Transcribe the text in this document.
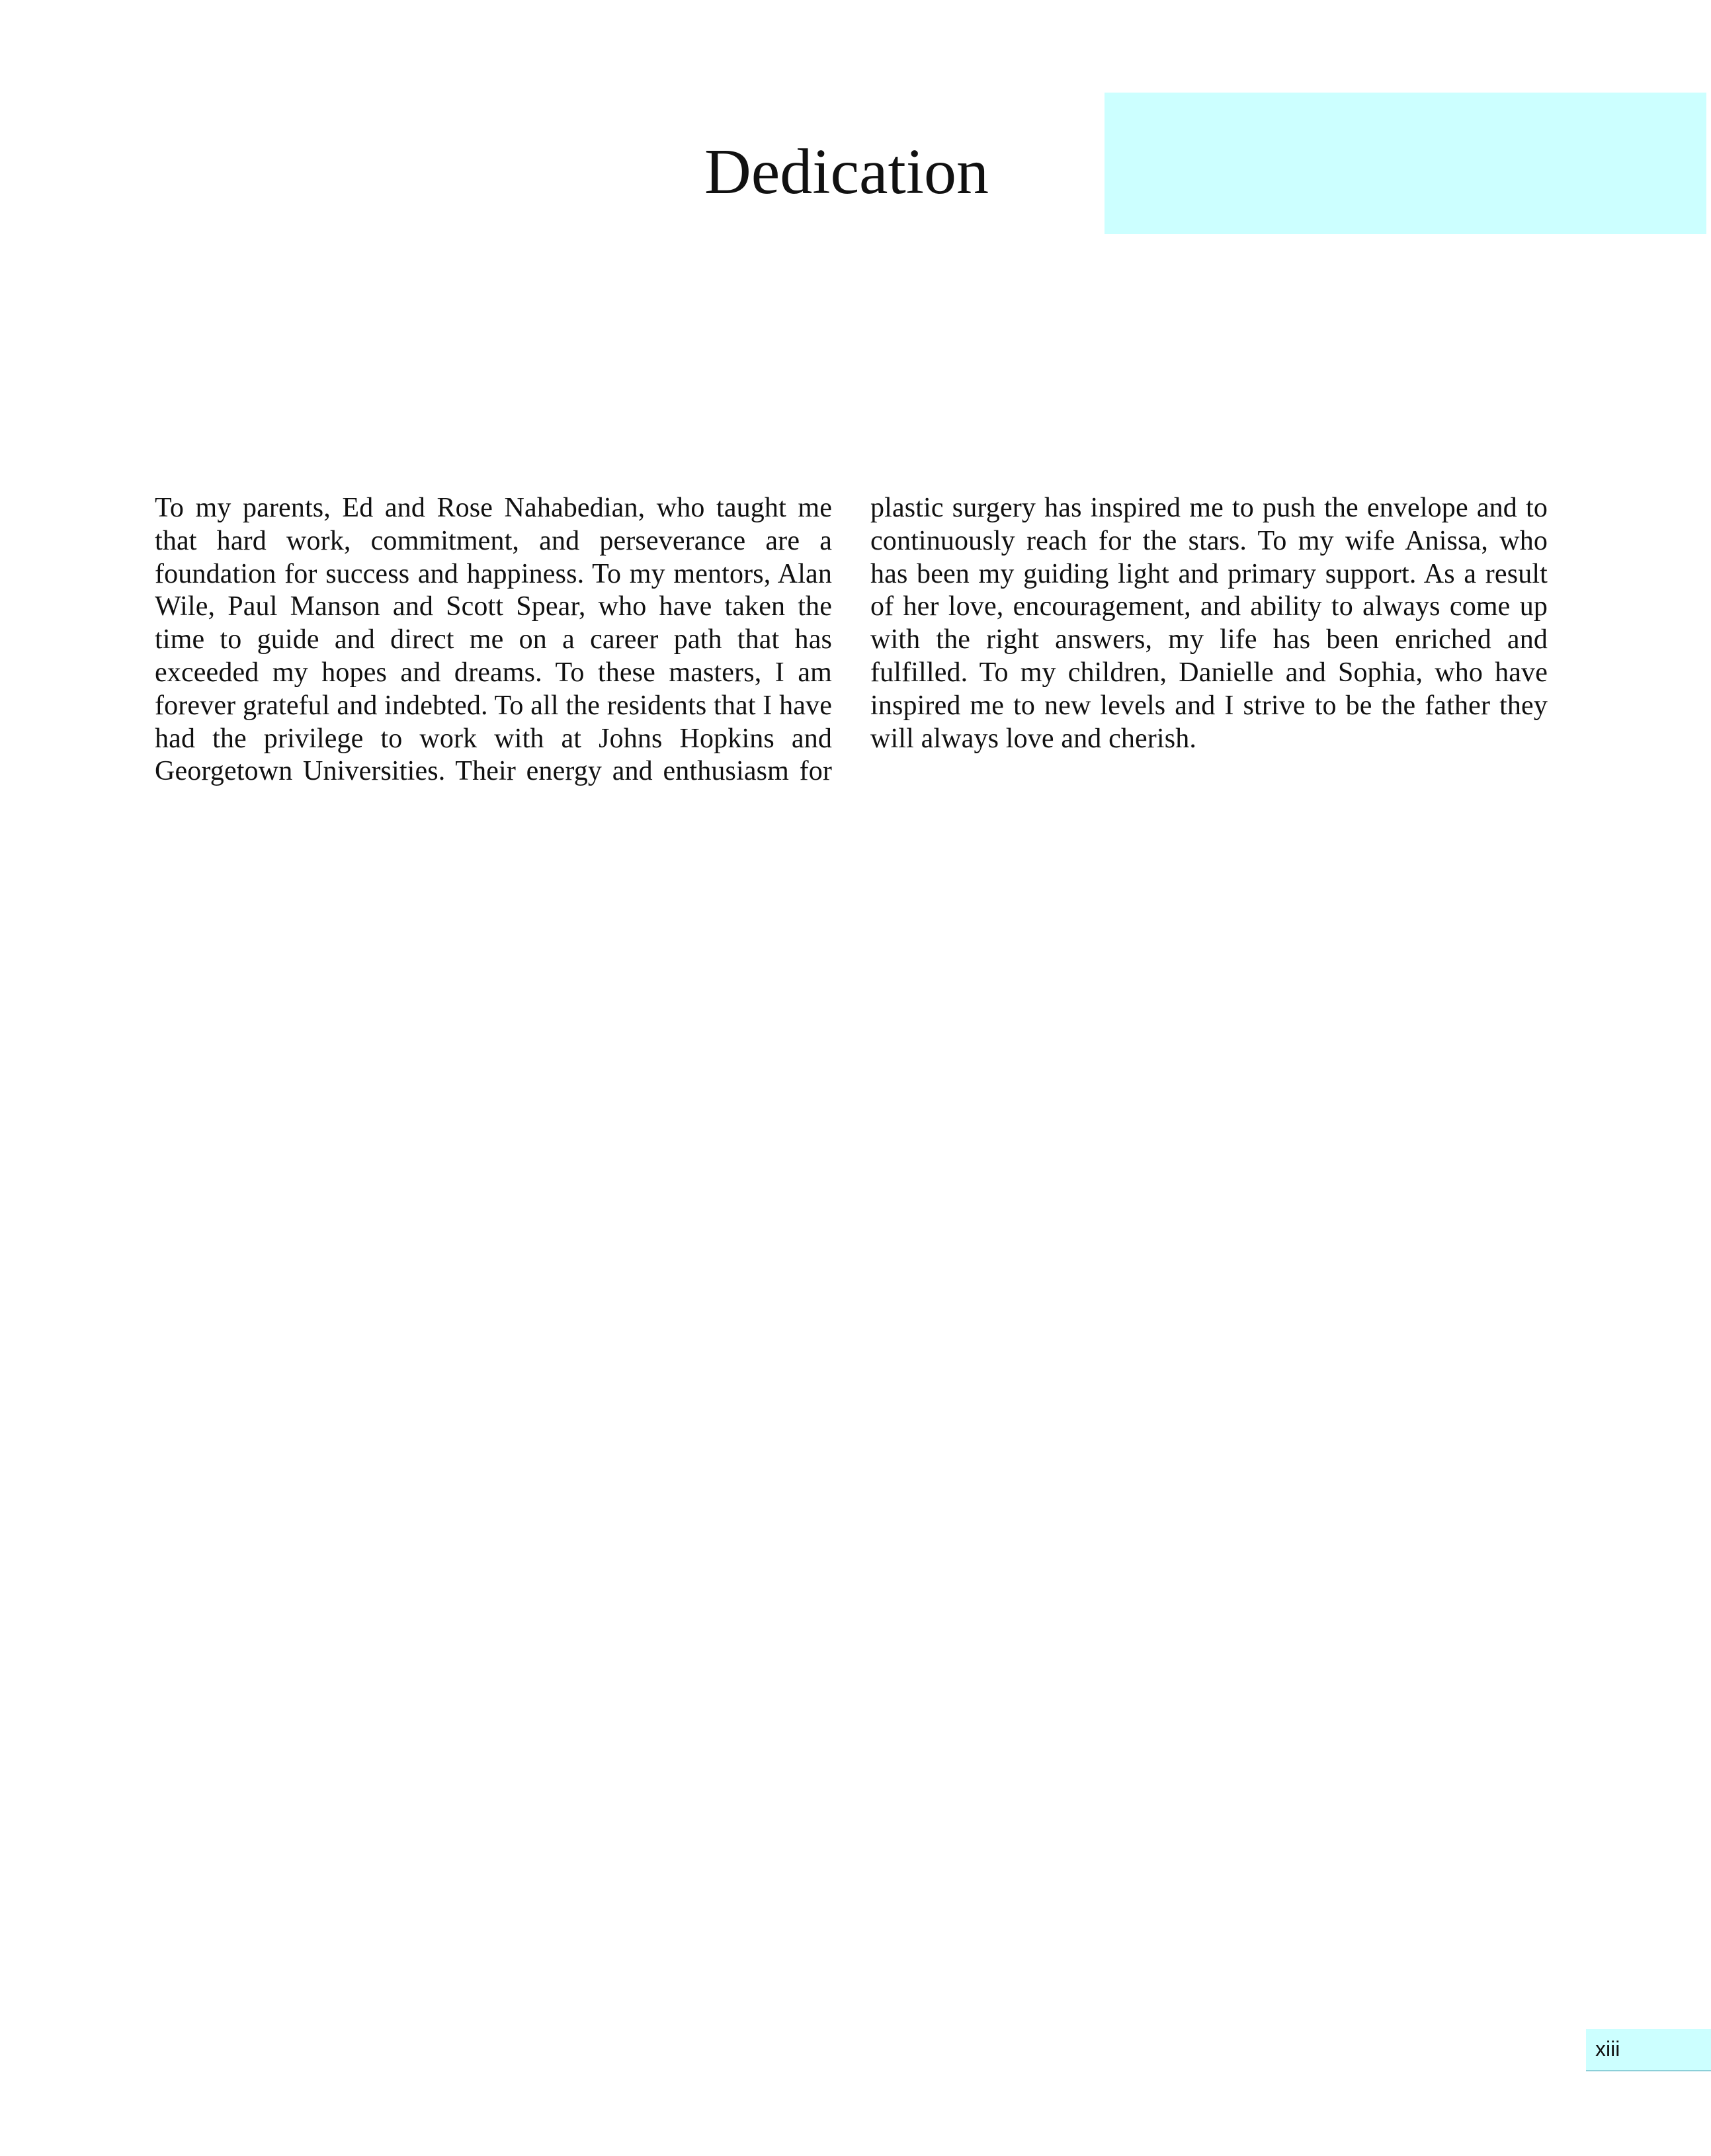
Dedication

To my parents, Ed and Rose Nahabedian, who taught me that hard work, commitment, and perseverance are a foundation for success and happiness. To my mentors, Alan Wile, Paul Manson and Scott Spear, who have taken the time to guide and direct me on a career path that has exceeded my hopes and dreams. To these masters, I am forever grateful and indebted. To all the residents that I have had the privilege to work with at Johns Hopkins and Georgetown Universities. Their energy and enthusiasm for plastic surgery has inspired me to push the envelope and to continuously reach for the stars. To my wife Anissa, who has been my guiding light and primary support. As a result of her love, encouragement, and ability to always come up with the right answers, my life has been enriched and fulfilled. To my children, Danielle and Sophia, who have inspired me to new levels and I strive to be the father they will always love and cherish.

xiii
